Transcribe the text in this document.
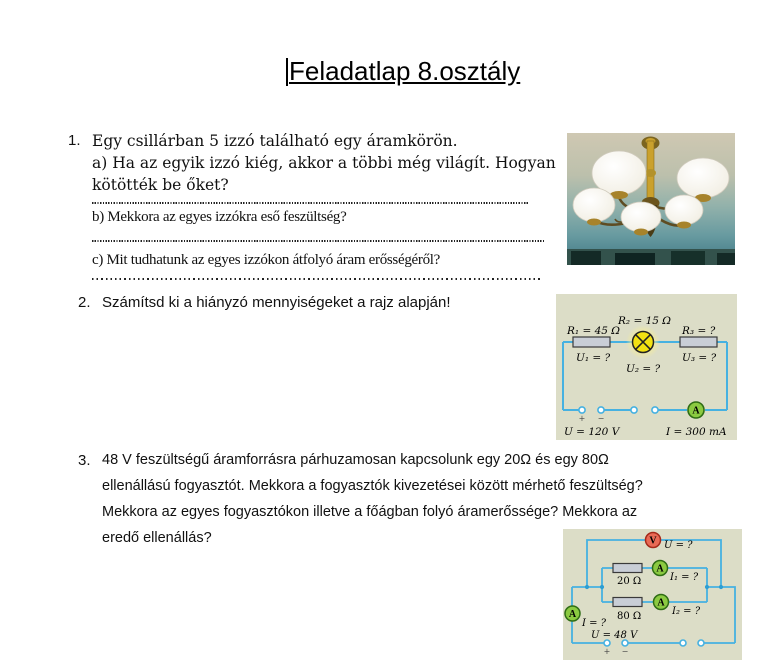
Feladatlap 8.osztály
1. Egy csillárban 5 izzó található egy áramkörön.
a) Ha az egyik izzó kiég, akkor a többi még világít. Hogyan
kötötték be őket?
b) Mekkora az egyes izzókra eső feszültség?
c) Mit tudhatunk az egyes izzókon átfolyó áram erősségéről?
2. Számítsd ki a hiányzó mennyiségeket a rajz alapján!
+ −
A
R₁ = 45 Ω
R₂ = 15 Ω
R₃ = ?
U₁ = ?
U₂ = ?
U₃ = ?
U = 120 V	I = 300 mA
3. 48 V feszültségű áramforrásra párhuzamosan kapcsolunk egy 20Ω és egy 80Ω
ellenállású fogyasztót. Mekkora a fogyasztók kivezetései között mérhető feszültség?
Mekkora az egyes fogyasztókon illetve a főágban folyó áramerőssége? Mekkora az
eredő ellenállás?	V
A
A
A
+ −
U = ?
20 Ω	I₁ = ?
80 Ω	I₂ = ?
I = ?
U = 48 V
